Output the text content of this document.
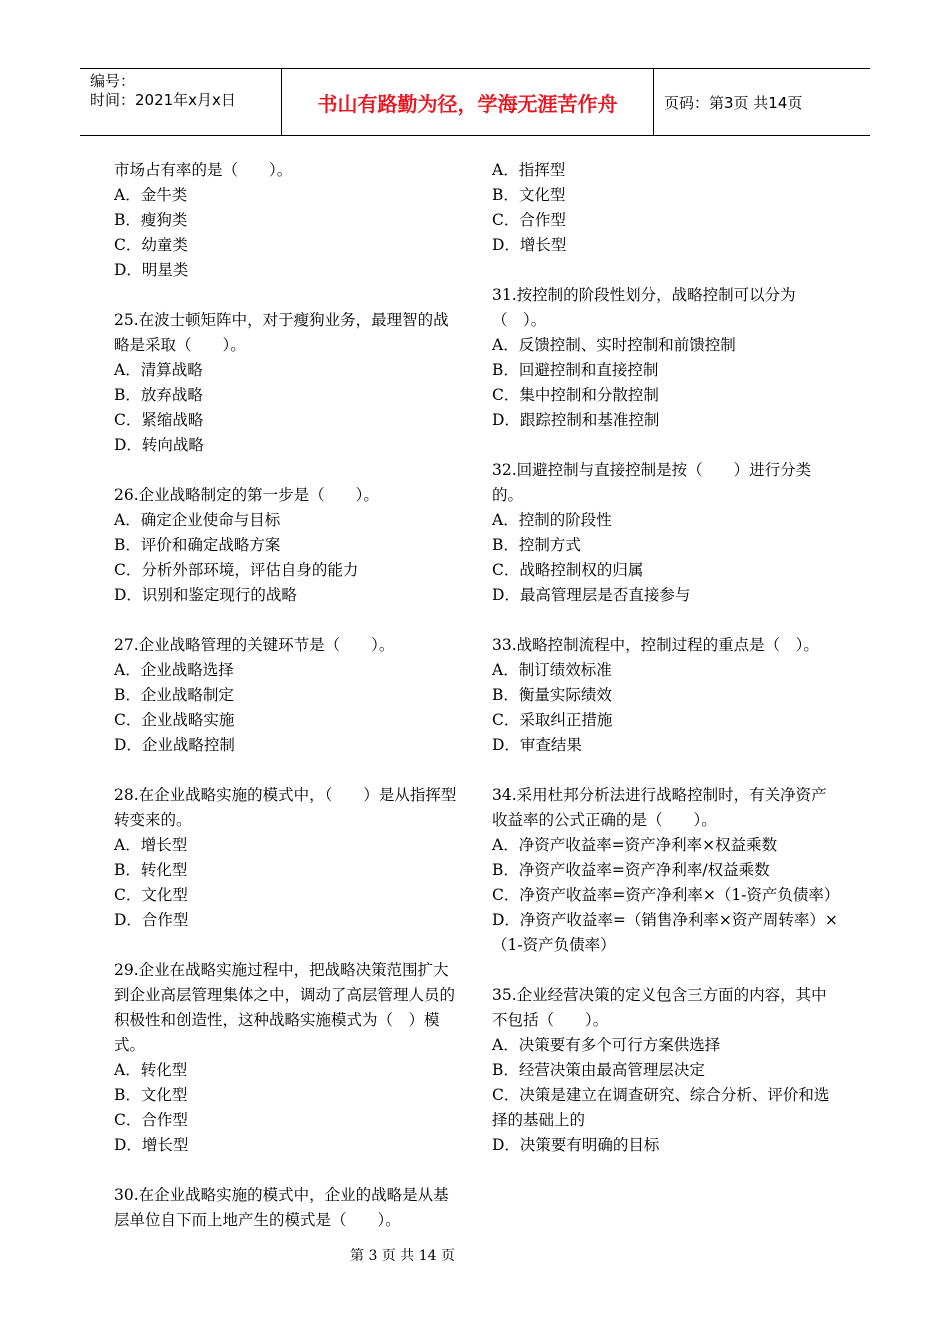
编号：
时间：2021年x月x日	书山有路勤为径，学海无涯苦作舟	页码：第3页 共14页

市场占有率的是（　　）。

A．金牛类

B．瘦狗类

C．幼童类

D．明星类

25.在波士顿矩阵中，对于瘦狗业务，最理智的战略是采取（　　）。

A．清算战略

B．放弃战略

C．紧缩战略

D．转向战略

26.企业战略制定的第一步是（　　）。

A．确定企业使命与目标

B．评价和确定战略方案

C．分析外部环境，评估自身的能力

D．识别和鉴定现行的战略

27.企业战略管理的关键环节是（　　）。

A．企业战略选择

B．企业战略制定

C．企业战略实施

D．企业战略控制

28.在企业战略实施的模式中，（　　）是从指挥型转变来的。

A．增长型

B．转化型

C．文化型

D．合作型

29.企业在战略实施过程中，把战略决策范围扩大到企业高层管理集体之中，调动了高层管理人员的积极性和创造性，这种战略实施模式为（　）模式。

A．转化型

B．文化型

C．合作型

D．增长型

30.在企业战略实施的模式中，企业的战略是从基层单位自下而上地产生的模式是（　　）。

A．指挥型

B．文化型

C．合作型

D．增长型

31.按控制的阶段性划分，战略控制可以分为（　）。

A．反馈控制、实时控制和前馈控制

B．回避控制和直接控制

C．集中控制和分散控制

D．跟踪控制和基准控制

32.回避控制与直接控制是按（　　）进行分类的。

A．控制的阶段性

B．控制方式

C．战略控制权的归属

D．最高管理层是否直接参与

33.战略控制流程中，控制过程的重点是（　）。

A．制订绩效标准

B．衡量实际绩效

C．采取纠正措施

D．审查结果

34.采用杜邦分析法进行战略控制时，有关净资产收益率的公式正确的是（　　）。

A．净资产收益率=资产净利率×权益乘数

B．净资产收益率=资产净利率/权益乘数

C．净资产收益率=资产净利率×（1-资产负债率）

D．净资产收益率=（销售净利率×资产周转率）×（1-资产负债率）

35.企业经营决策的定义包含三方面的内容，其中不包括（　　）。

A．决策要有多个可行方案供选择

B．经营决策由最高管理层决定

C．决策是建立在调查研究、综合分析、评价和选择的基础上的

D．决策要有明确的目标

第 3 页 共 14 页
